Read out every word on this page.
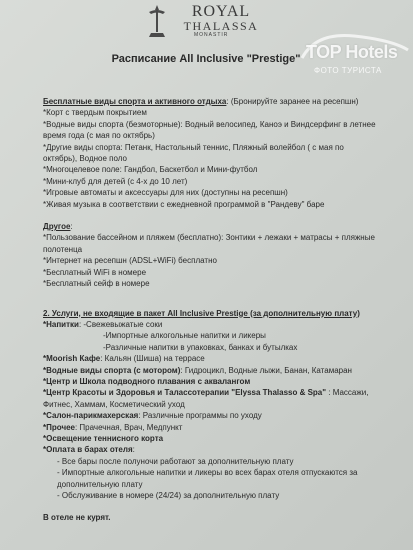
ROYAL
THALASSA
MONASTIR
Расписание All Inclusive "Prestige"
Бесплатные виды спорта и активного отдыха: (Бронируйте заранее на ресепшн)
*Корт с твердым покрытием
*Водные виды спорта (безмоторные): Водный велосипед, Каноэ и Виндсерфинг в летнее время года (с мая по октябрь)
*Другие виды спорта: Петанк, Настольный теннис, Пляжный волейбол ( с мая по октябрь), Водное поло
*Многоцелевое поле: Гандбол, Баскетбол и Мини-футбол
*Мини-клуб для детей (с 4-х до 10 лет)
*Игровые автоматы и аксессуары для них (доступны на ресепшн)
*Живая музыка в соответствии с ежедневной программой в "Рандеву" баре
Другое:
*Пользование бассейном и пляжем (бесплатно): Зонтики + лежаки + матрасы + пляжные полотенца
*Интернет на ресепшн (ADSL+WiFi) бесплатно
*Бесплатный WiFi в номере
*Бесплатный сейф в номере
2. Услуги, не входящие в пакет All Inclusive Prestige (за дополнительную плату)
*Напитки: -Свежевыжатые соки
-Импортные алкогольные напитки и ликеры
-Различные напитки в упаковках, банках и бутылках
*Moorish Кафе: Кальян (Шиша) на террасе
*Водные виды спорта (с мотором): Гидроцикл, Водные лыжи, Банан, Катамаран
*Центр и Школа подводного плавания с аквалангом
*Центр Красоты и Здоровья и Талассотерапии "Elyssa Thalasso & Spa" : Массажи, Фитнес, Хаммам, Косметический уход
*Салон-парикмахерская: Различные программы по уходу
*Прочее: Прачечная, Врач, Медпункт
*Освещение теннисного корта
*Оплата в барах отеля:
- Все бары после полуночи работают за дополнительную плату
- Импортные алкогольные напитки и ликеры во всех барах отеля отпускаются за дополнительную плату
- Обслуживание в номере (24/24) за дополнительную плату
В отеле не курят.
TOP Hotels
ФОТО ТУРИСТА
